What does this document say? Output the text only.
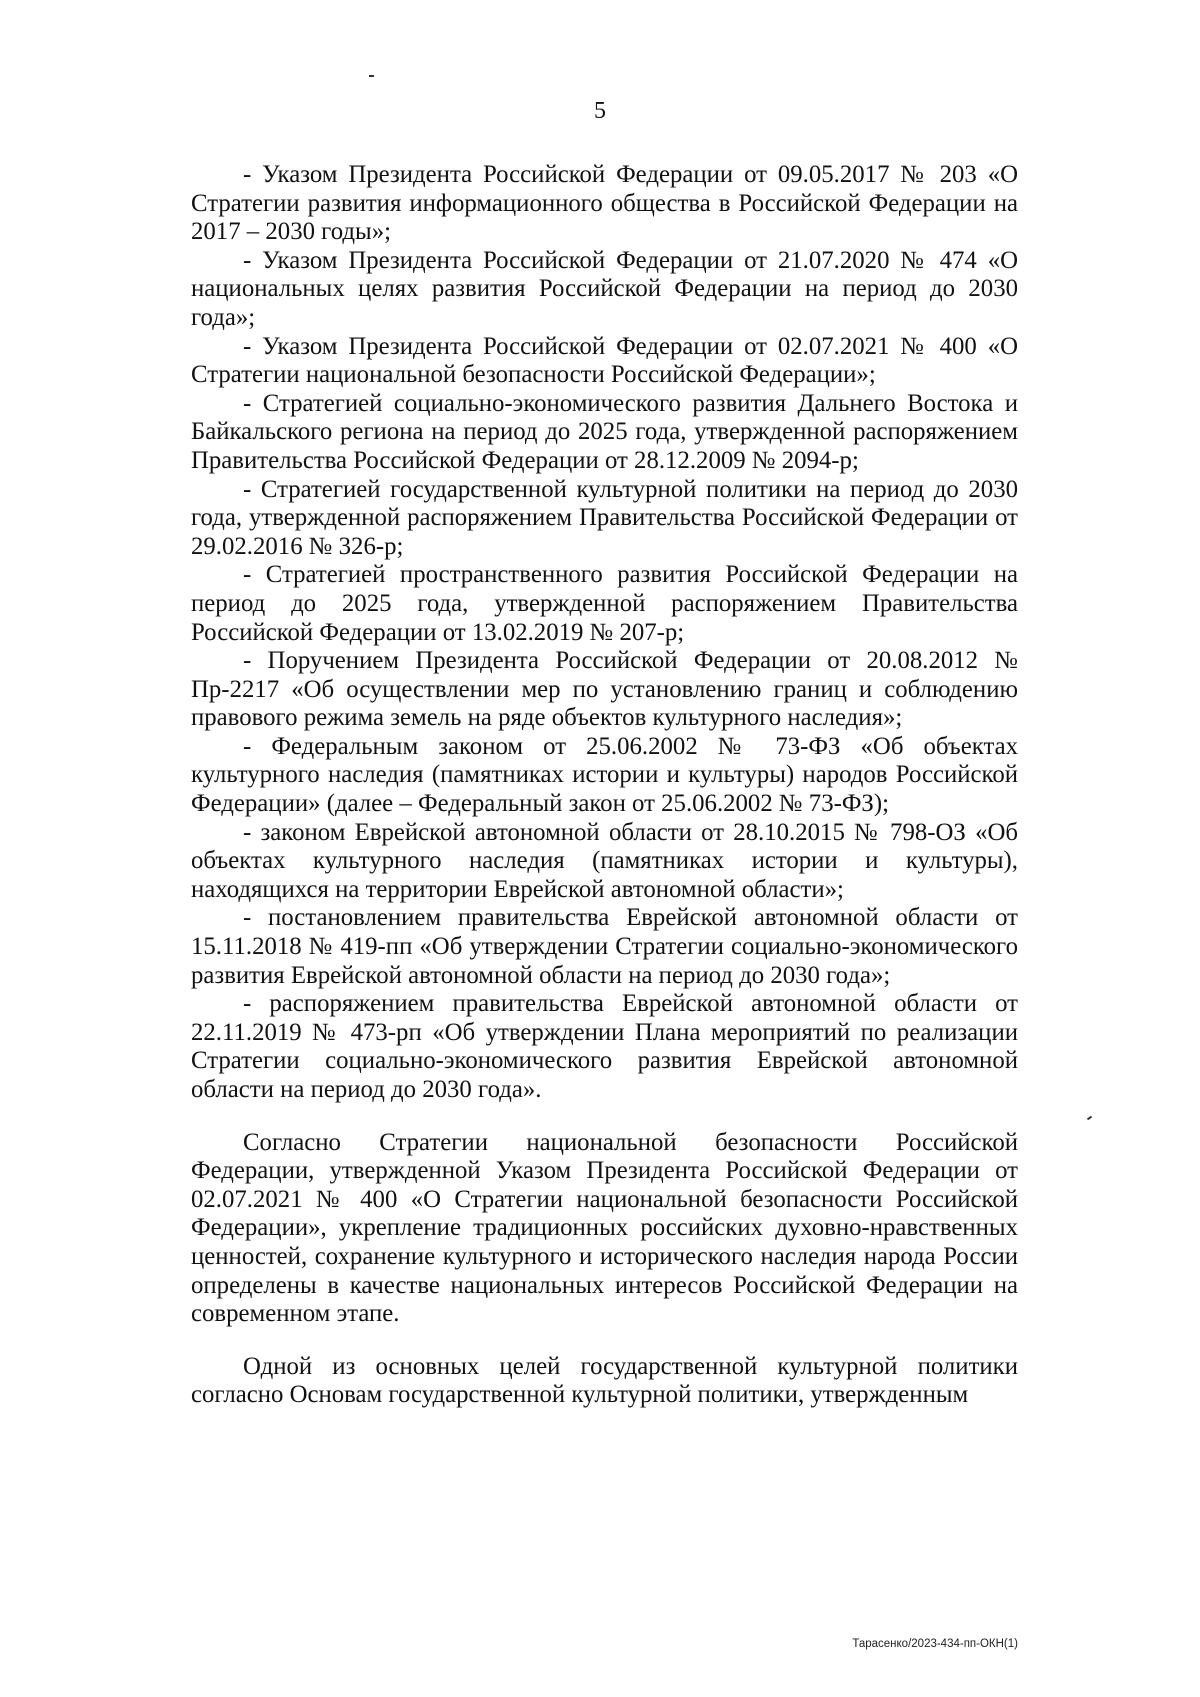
5

- Указом Президента Российской Федерации от 09.05.2017 № 203 «О Стратегии развития информационного общества в Российской Федерации на 2017 – 2030 годы»;

- Указом Президента Российской Федерации от 21.07.2020 № 474 «О национальных целях развития Российской Федерации на период до 2030 года»;

- Указом Президента Российской Федерации от 02.07.2021 № 400 «О Стратегии национальной безопасности Российской Федерации»;

- Стратегией социально-экономического развития Дальнего Востока и Байкальского региона на период до 2025 года, утвержденной распоряжением Правительства Российской Федерации от 28.12.2009 № 2094-р;

- Стратегией государственной культурной политики на период до 2030 года, утвержденной распоряжением Правительства Российской Федерации от 29.02.2016 № 326-р;

- Стратегией пространственного развития Российской Федерации на период до 2025 года, утвержденной распоряжением Правительства Российской Федерации от 13.02.2019 № 207-р;

- Поручением Президента Российской Федерации от 20.08.2012 № Пр-2217 «Об осуществлении мер по установлению границ и соблюдению правового режима земель на ряде объектов культурного наследия»;

- Федеральным законом от 25.06.2002 № 73-ФЗ «Об объектах культурного наследия (памятниках истории и культуры) народов Российской Федерации» (далее – Федеральный закон от 25.06.2002 № 73-ФЗ);

- законом Еврейской автономной области от 28.10.2015 № 798-ОЗ «Об объектах культурного наследия (памятниках истории и культуры), находящихся на территории Еврейской автономной области»;

- постановлением правительства Еврейской автономной области от 15.11.2018 № 419-пп «Об утверждении Стратегии социально-экономического развития Еврейской автономной области на период до 2030 года»;

- распоряжением правительства Еврейской автономной области от 22.11.2019 № 473-рп «Об утверждении Плана мероприятий по реализации Стратегии социально-экономического развития Еврейской автономной области на период до 2030 года».

Согласно Стратегии национальной безопасности Российской Федерации, утвержденной Указом Президента Российской Федерации от 02.07.2021 № 400 «О Стратегии национальной безопасности Российской Федерации», укрепление традиционных российских духовно-нравственных ценностей, сохранение культурного и исторического наследия народа России определены в качестве национальных интересов Российской Федерации на современном этапе.

Одной из основных целей государственной культурной политики согласно Основам государственной культурной политики, утвержденным

Тарасенко/2023-434-пп-ОКН(1)
